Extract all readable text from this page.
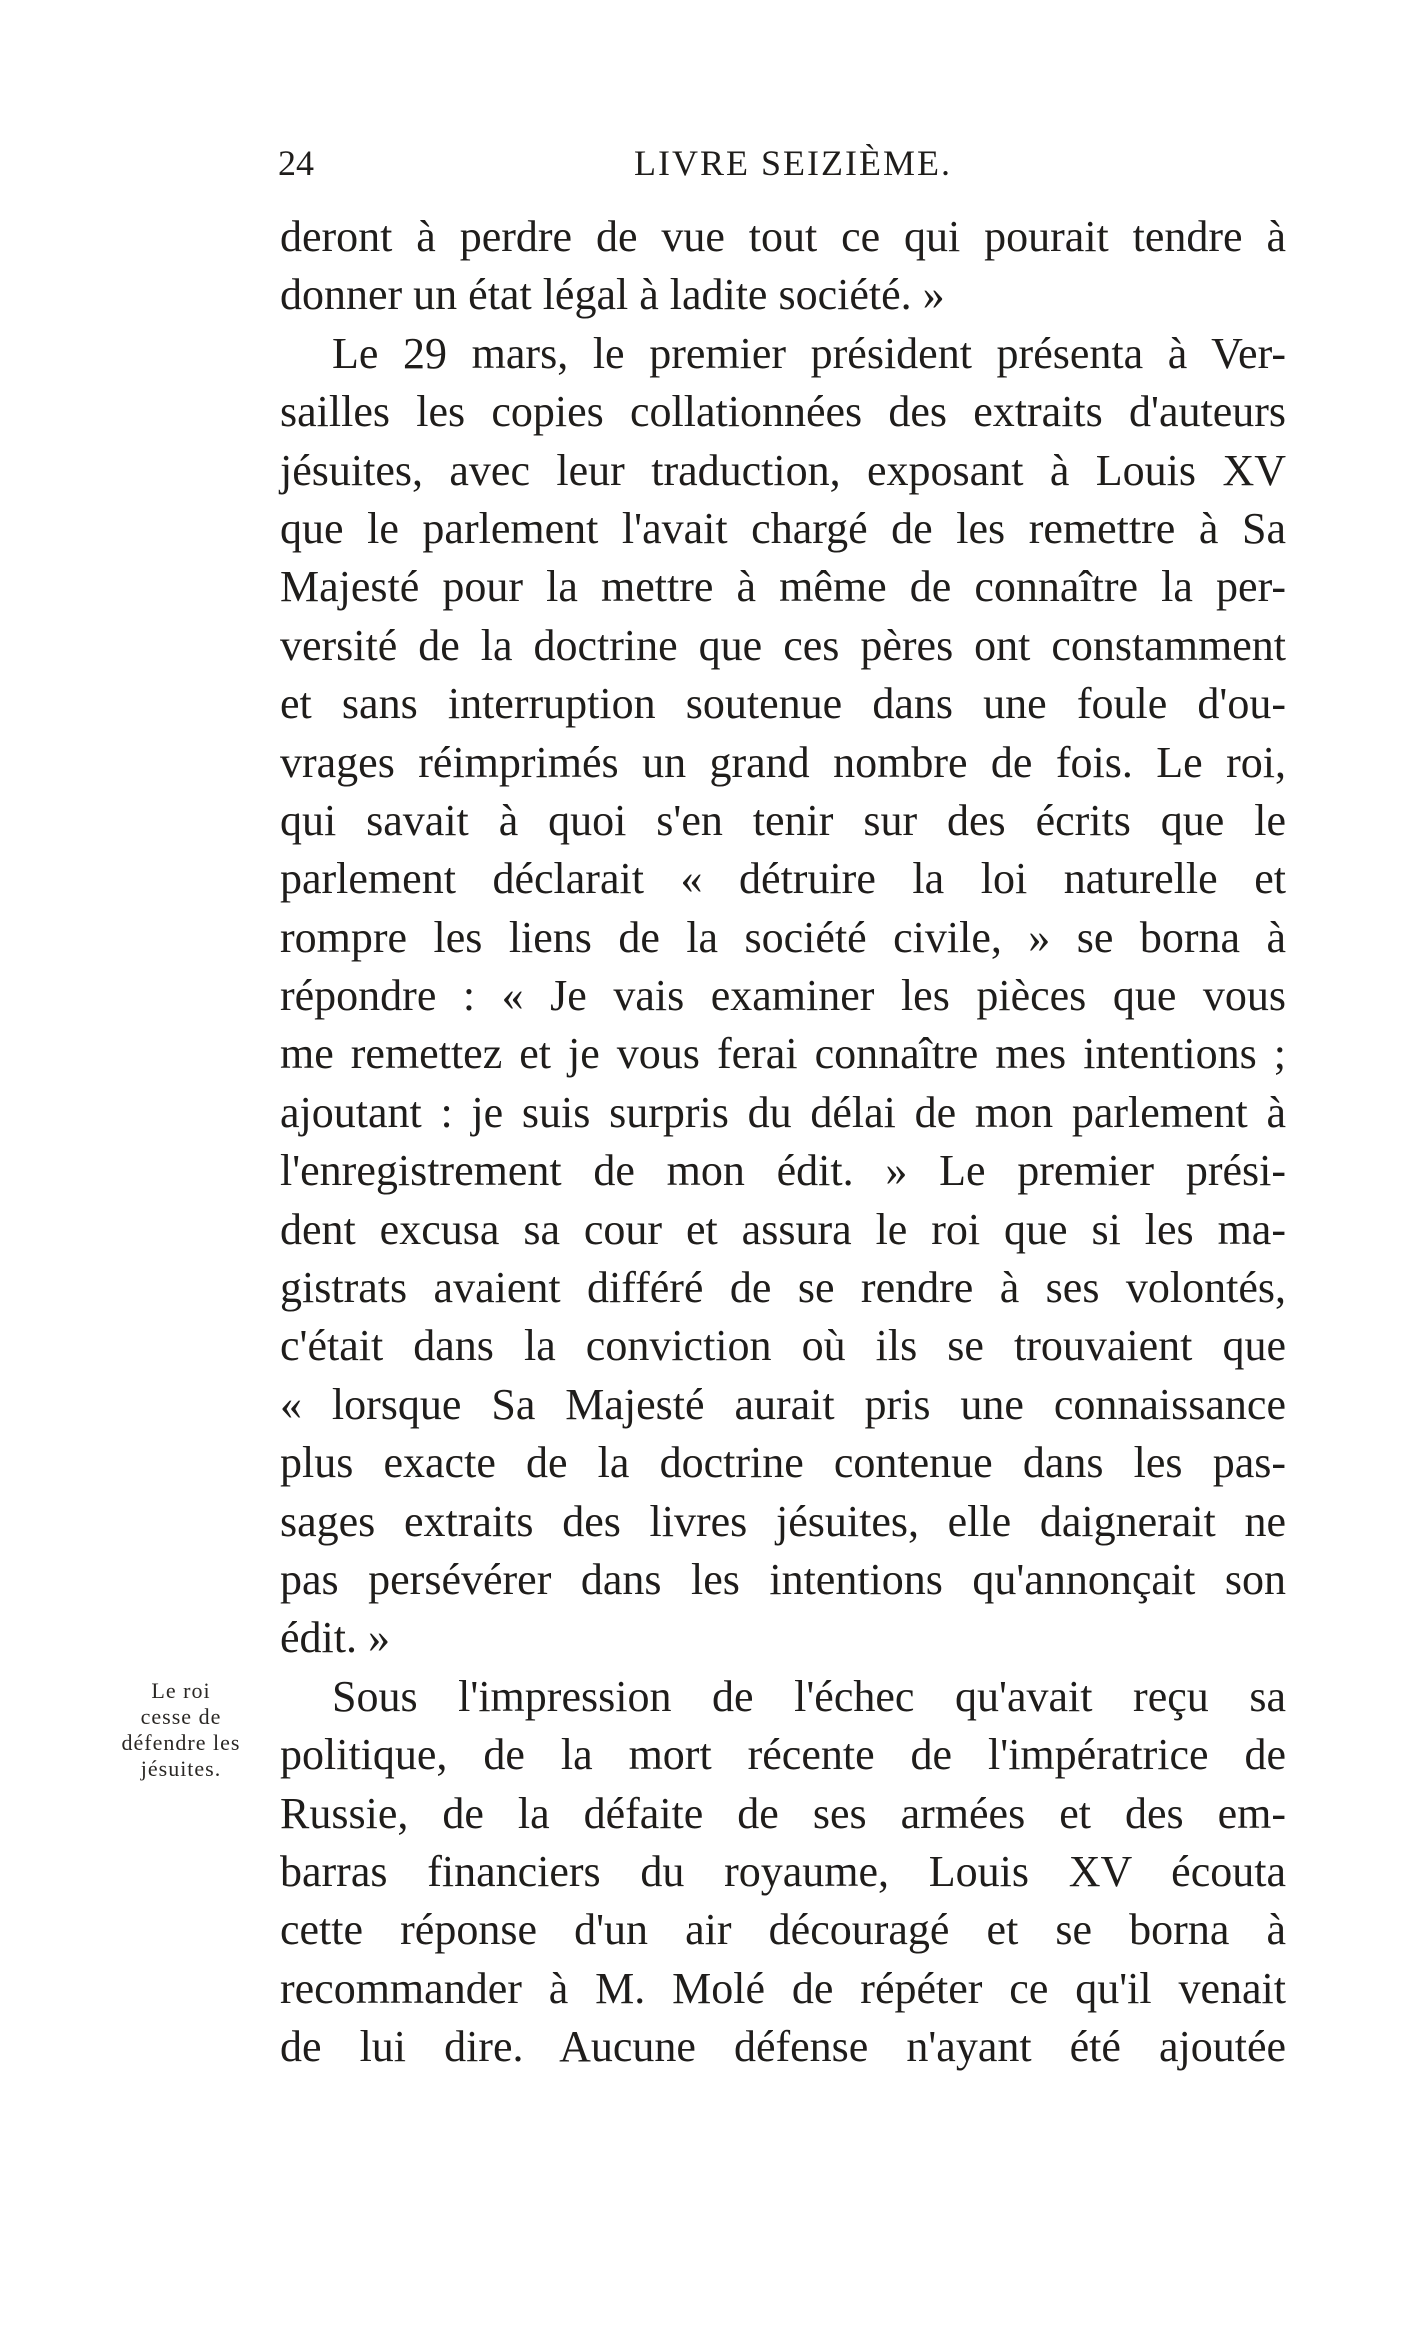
24	LIVRE SEIZIÈME.
deront à perdre de vue tout ce qui pourait tendre à
donner un état légal à ladite société. »
Le 29 mars, le premier président présenta à Ver-
sailles les copies collationnées des extraits d'auteurs
jésuites, avec leur traduction, exposant à Louis XV
que le parlement l'avait chargé de les remettre à Sa
Majesté pour la mettre à même de connaître la per-
versité de la doctrine que ces pères ont constamment
et sans interruption soutenue dans une foule d'ou-
vrages réimprimés un grand nombre de fois. Le roi,
qui savait à quoi s'en tenir sur des écrits que le
parlement déclarait « détruire la loi naturelle et
rompre les liens de la société civile, » se borna à
répondre : « Je vais examiner les pièces que vous
me remettez et je vous ferai connaître mes intentions ;
ajoutant : je suis surpris du délai de mon parlement à
l'enregistrement de mon édit. » Le premier prési-
dent excusa sa cour et assura le roi que si les ma-
gistrats avaient différé de se rendre à ses volontés,
c'était dans la conviction où ils se trouvaient que
« lorsque Sa Majesté aurait pris une connaissance
plus exacte de la doctrine contenue dans les pas-
sages extraits des livres jésuites, elle daignerait ne
pas persévérer dans les intentions qu'annonçait son
édit. »
Sous l'impression de l'échec qu'avait reçu sa
politique, de la mort récente de l'impératrice de
Russie, de la défaite de ses armées et des em-
barras financiers du royaume, Louis XV écouta
cette réponse d'un air découragé et se borna à
recommander à M. Molé de répéter ce qu'il venait
de lui dire. Aucune défense n'ayant été ajoutée
Le roi
cesse de
défendre les
jésuites.
